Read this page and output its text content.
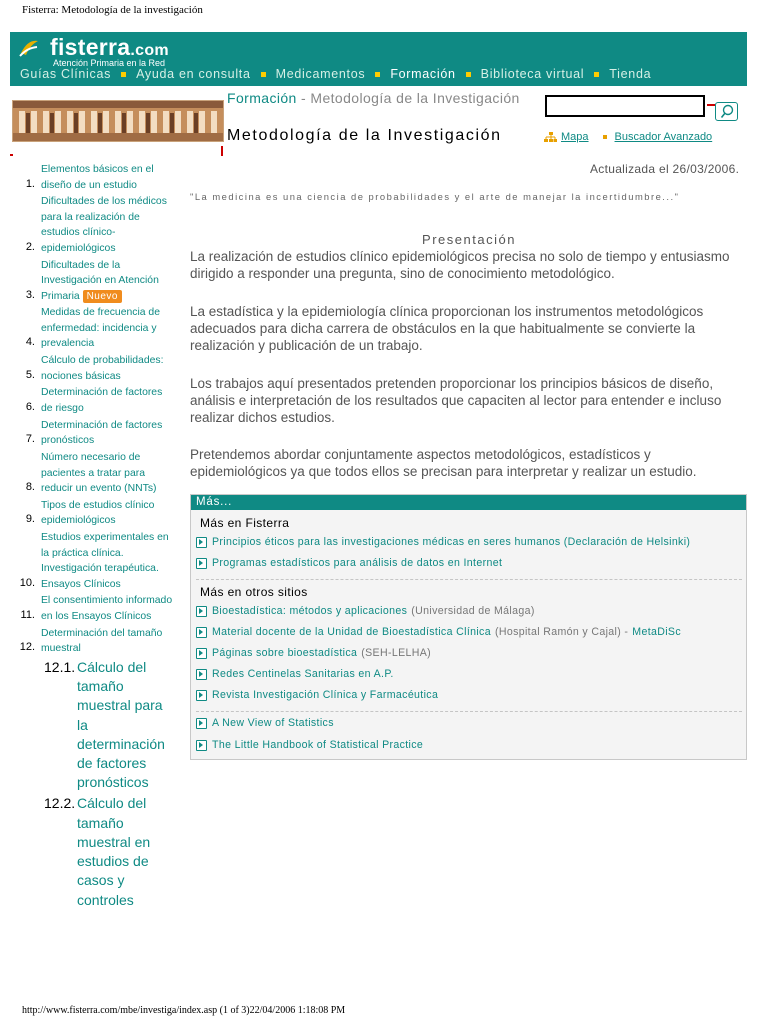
Fisterra: Metodología de la investigación
fisterra.com
Atención Primaria en la Red
Guías Clínicas Ayuda en consulta Medicamentos Formación Biblioteca virtual Tienda
Formación - Metodología de la Investigación
Metodología de la Investigación	Mapa Buscador Avanzado
1.
Elementos básicos en el diseño de un estudio
2.
Dificultades de los médicos para la realización de estudios clínico-epidemiológicos
3.
Dificultades de la Investigación en Atención Primaria Nuevo
4.
Medidas de frecuencia de enfermedad: incidencia y prevalencia
5.
Cálculo de probabilidades: nociones básicas
6.
Determinación de factores de riesgo
7.
Determinación de factores pronósticos
8.
Número necesario de pacientes a tratar para reducir un evento (NNTs)
9.
Tipos de estudios clínico epidemiológicos
10.
Estudios experimentales en la práctica clínica. Investigación terapéutica. Ensayos Clínicos
11.
El consentimiento informado en los Ensayos Clínicos
12.
Determinación del tamaño muestral
12.1. Cálculo del tamaño muestral para la determinación de factores pronósticos
12.2. Cálculo del tamaño muestral en estudios de casos y controles
Actualizada el 26/03/2006.
"La medicina es una ciencia de probabilidades y el arte de manejar la incertidumbre..."
Presentación

La realización de estudios clínico epidemiológicos precisa no solo de tiempo y entusiasmo dirigido a responder una pregunta, sino de conocimiento metodológico.

La estadística y la epidemiología clínica proporcionan los instrumentos metodológicos adecuados para dicha carrera de obstáculos en la que habitualmente se convierte la realización y publicación de un trabajo.

Los trabajos aquí presentados pretenden proporcionar los principios básicos de diseño, análisis e interpretación de los resultados que capaciten al lector para entender e incluso realizar dichos estudios.

Pretendemos abordar conjuntamente aspectos metodológicos, estadísticos y epidemiológicos ya que todos ellos se precisan para interpretar y realizar un estudio.

Más...
Más en Fisterra
Principios éticos para las investigaciones médicas en seres humanos (Declaración de Helsinki)
Programas estadísticos para análisis de datos en Internet
Más en otros sitios
Bioestadística: métodos y aplicaciones (Universidad de Málaga)
Material docente de la Unidad de Bioestadística Clínica (Hospital Ramón y Cajal) - MetaDiSc
Páginas sobre bioestadística (SEH-LELHA)
Redes Centinelas Sanitarias en A.P.
Revista Investigación Clínica y Farmacéutica
A New View of Statistics
The Little Handbook of Statistical Practice
http://www.fisterra.com/mbe/investiga/index.asp (1 of 3)22/04/2006 1:18:08 PM
